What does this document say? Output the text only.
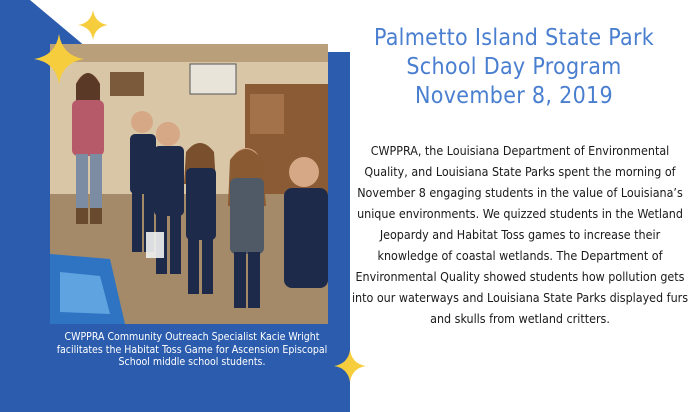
CWPPRA Community Outreach Specialist Kacie Wright facilitates the Habitat Toss Game for Ascension Episcopal School middle school students.
Palmetto Island State Park
School Day Program
November 8, 2019
CWPPRA, the Louisiana Department of Environmental Quality, and Louisiana State Parks spent the morning of November 8 engaging students in the value of Louisiana’s unique environments. We quizzed students in the Wetland Jeopardy and Habitat Toss games to increase their knowledge of coastal wetlands. The Department of Environmental Quality showed students how pollution gets into our waterways and Louisiana State Parks displayed furs and skulls from wetland critters.
